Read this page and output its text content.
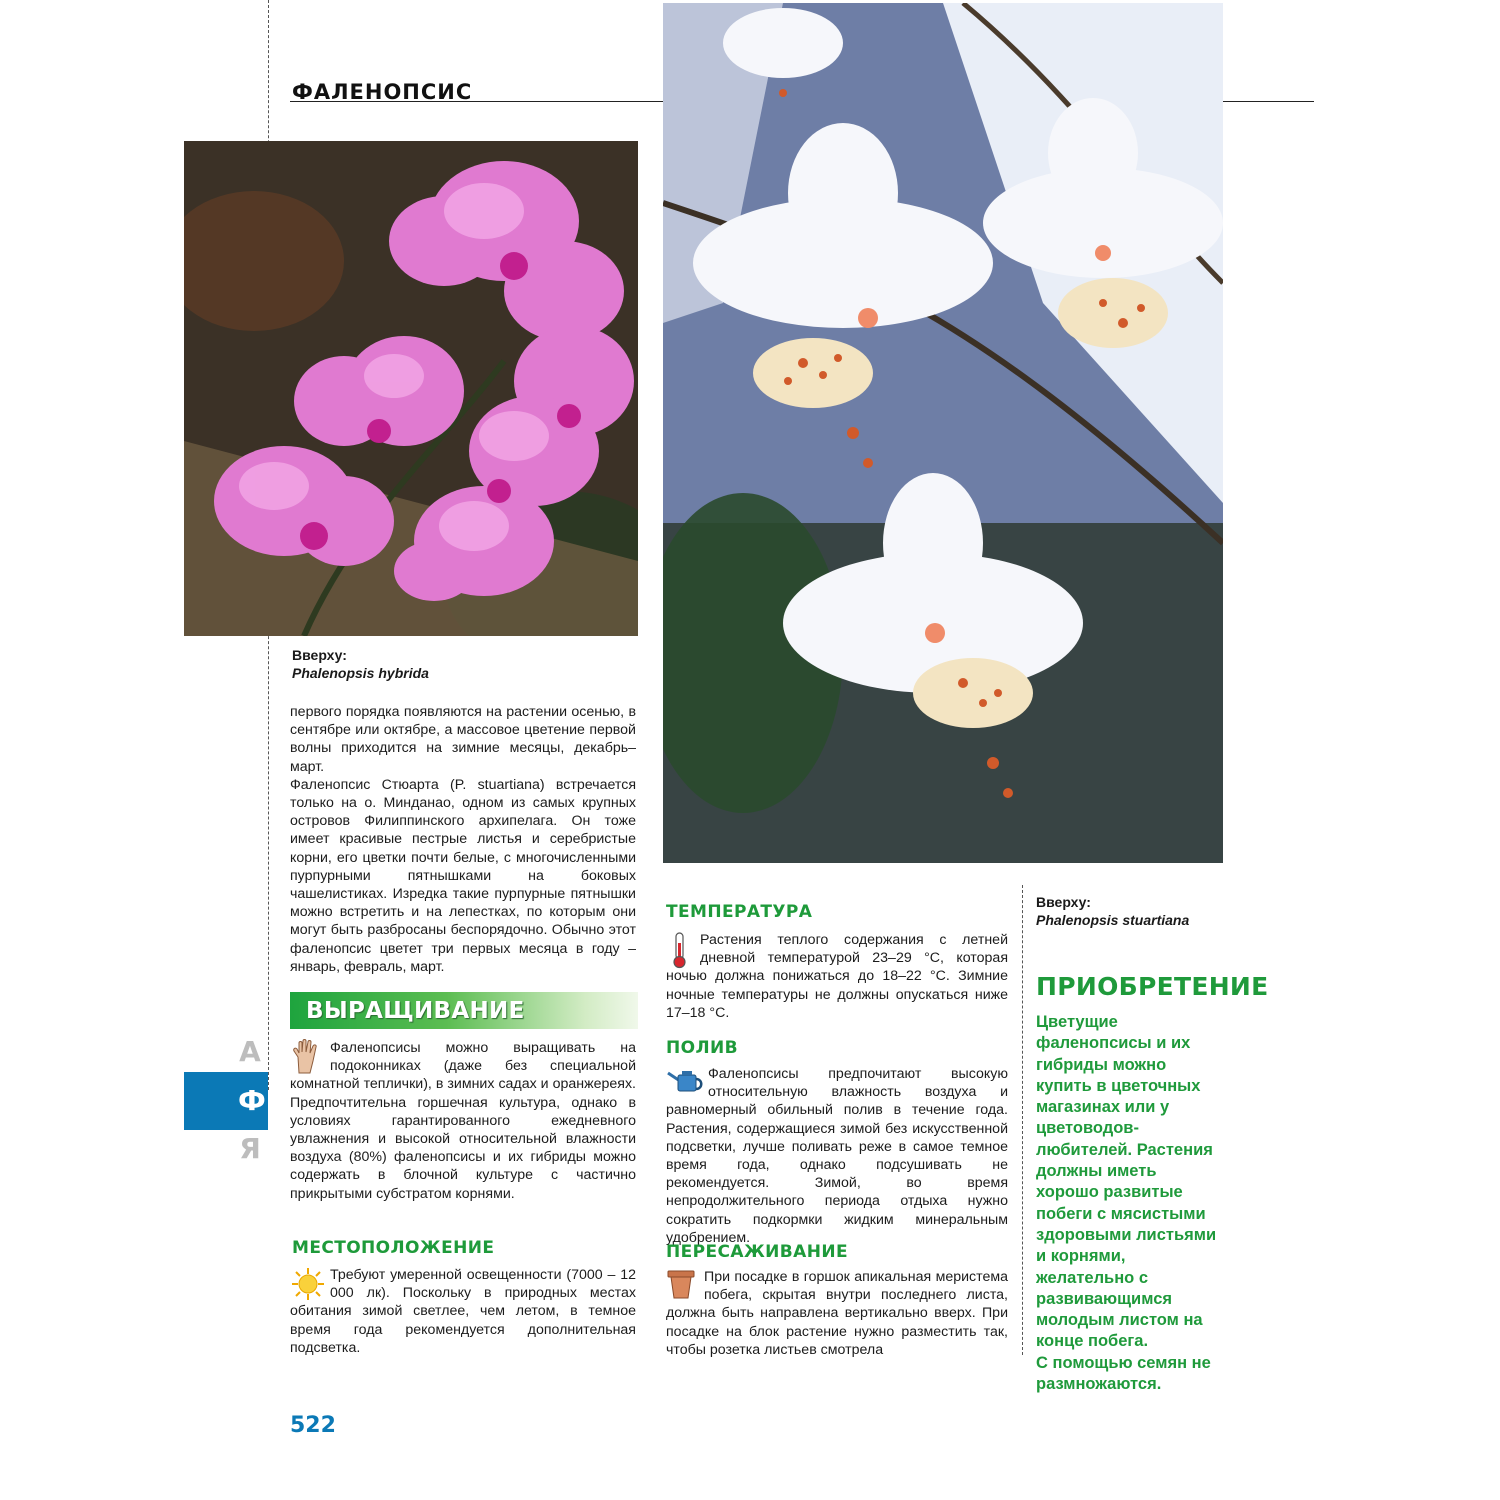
ФАЛЕНОПСИС
Вверху:
Phalenopsis hybrida
Вверху:
Phalenopsis stuartiana

первого порядка появляются на растении осенью, в сентябре или октябре, а массовое цветение первой волны приходится на зимние месяцы, декабрь–март.

Фаленопсис Стюарта (P. stuartiana) встречается только на о. Минданао, одном из самых крупных островов Филиппинского архипелага. Он тоже имеет красивые пестрые листья и серебристые корни, его цветки почти белые, с многочисленными пурпурными пятнышками на боковых чашелистиках. Изредка такие пурпурные пятнышки можно встретить и на лепестках, по которым они могут быть разбросаны беспорядочно. Обычно этот фаленопсис цветет три первых месяца в году – январь, февраль, март.

ВЫРАЩИВАНИЕ

Фаленопсисы можно выращивать на подоконниках (даже без специальной комнатной теплички), в зимних садах и оранжереях. Предпочтительна горшечная культура, однако в условиях гарантированного ежедневного увлажнения и высокой относительной влажности воздуха (80%) фаленопсисы и их гибриды можно содержать в блочной культуре с частично прикрытыми субстратом корнями.

МЕСТОПОЛОЖЕНИЕ

Требуют умеренной освещенности (7000 – 12 000 лк). Поскольку в природных местах обитания зимой светлее, чем летом, в темное время года рекомендуется дополнительная подсветка.

ТЕМПЕРАТУРА

Растения теплого содержания с летней дневной температурой 23–29 °С, которая ночью должна понижаться до 18–22 °С. Зимние ночные температуры не должны опускаться ниже 17–18 °С.

ПОЛИВ

Фаленопсисы предпочитают высокую относительную влажность воздуха и равномерный обильный полив в течение года. Растения, содержащиеся зимой без искусственной подсветки, лучше поливать реже в самое темное время года, однако подсушивать не рекомендуется. Зимой, во время непродолжительного периода отдыха нужно сократить подкормки жидким минеральным удобрением.

ПЕРЕСАЖИВАНИЕ

При посадке в горшок апикальная меристема побега, скрытая внутри последнего листа, должна быть направлена вертикально вверх. При посадке на блок растение нужно разместить так, чтобы розетка листьев смотрела

ПРИОБРЕТЕНИЕ
Цветущие фаленопсисы и их гибриды можно купить в цветочных магазинах или у цветоводов-любителей. Растения должны иметь хорошо развитые побеги с мясистыми здоровыми листьями и корнями, желательно с развивающимся молодым листом на конце побега.
С помощью семян не размножаются.
А
Ф
Я
522
